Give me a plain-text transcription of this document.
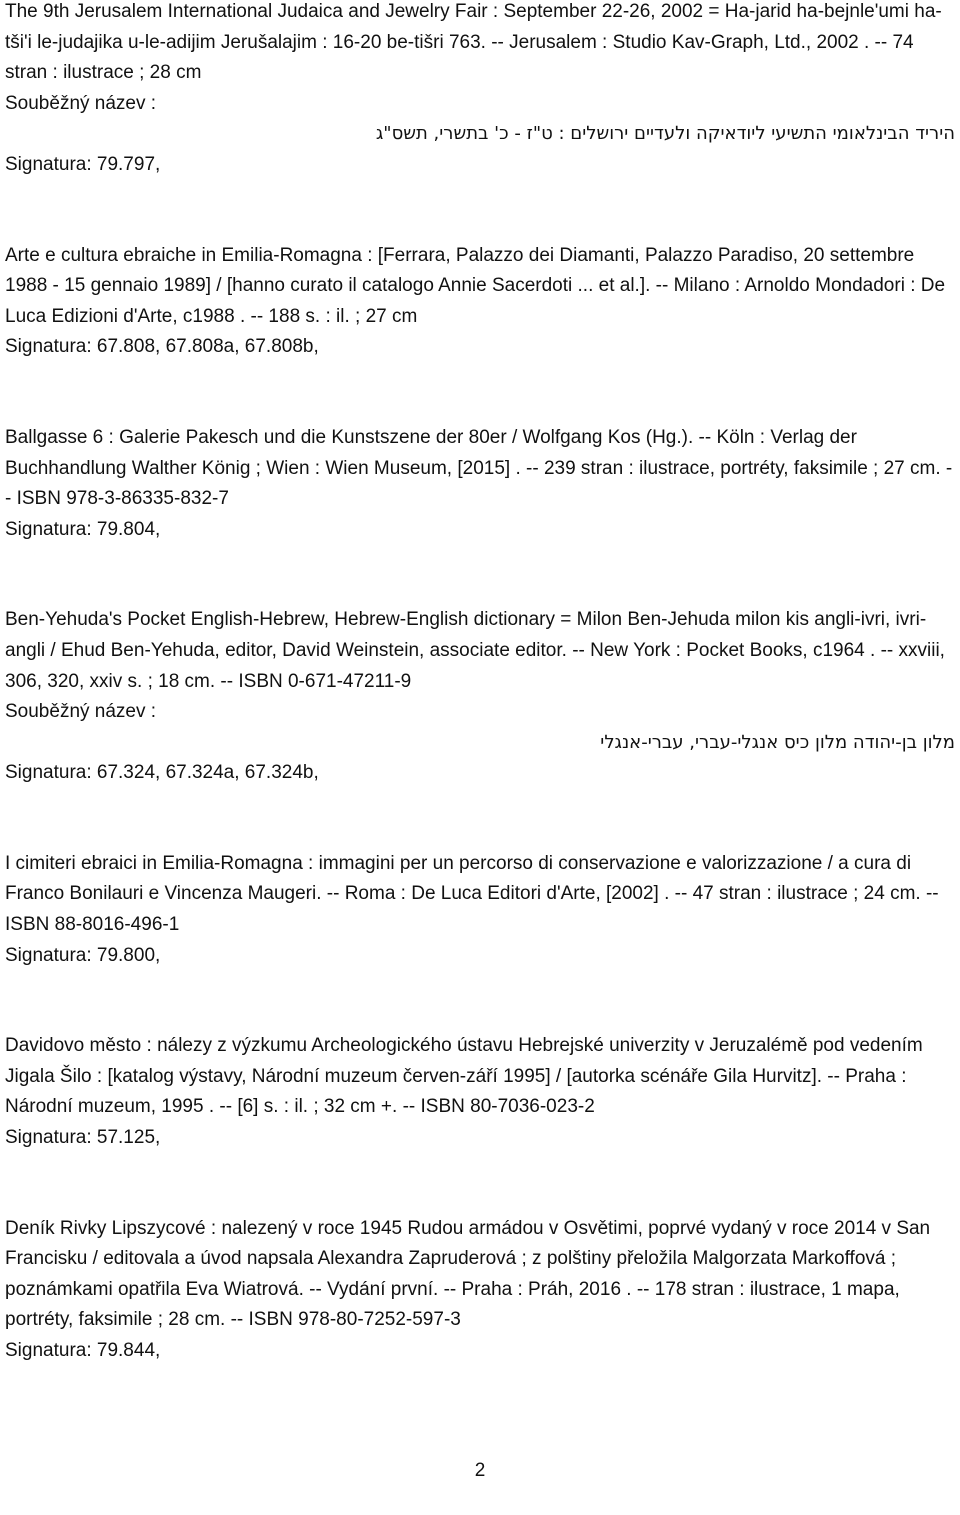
The 9th Jerusalem International Judaica and Jewelry Fair : September 22-26, 2002 = Ha-jarid ha-bejnle'umi ha-tši'i le-judajika u-le-adijim Jerušalajim : 16-20 be-tišri 763. -- Jerusalem : Studio Kav-Graph, Ltd., 2002 . -- 74 stran : ilustrace ; 28 cm
Souběžný název :
היריד הבינלאומי התשיעי ליודאיקה ולעדיים ירושלים : ט"ז - כ' בתשרי, תשס"ג
Signatura: 79.797,
Arte e cultura ebraiche in Emilia-Romagna : [Ferrara, Palazzo dei Diamanti, Palazzo Paradiso, 20 settembre 1988 - 15 gennaio 1989] / [hanno curato il catalogo Annie Sacerdoti ... et al.]. -- Milano : Arnoldo Mondadori : De Luca Edizioni d'Arte, c1988 . -- 188 s. : il. ; 27 cm
Signatura: 67.808, 67.808a, 67.808b,
Ballgasse 6 : Galerie Pakesch und die Kunstszene der 80er / Wolfgang Kos (Hg.). -- Köln : Verlag der Buchhandlung Walther König ; Wien : Wien Museum, [2015] . -- 239 stran : ilustrace, portréty, faksimile ; 27 cm. -- ISBN 978-3-86335-832-7
Signatura: 79.804,
Ben-Yehuda's Pocket English-Hebrew, Hebrew-English dictionary = Milon Ben-Jehuda milon kis angli-ivri, ivri-angli / Ehud Ben-Yehuda, editor, David Weinstein, associate editor. -- New York : Pocket Books, c1964 . -- xxviii, 306, 320, xxiv s. ; 18 cm. -- ISBN 0-671-47211-9
Souběžný název :
מלון בן-יהודה מלון כיס אנגלי-עברי, עברי-אנגלי
Signatura: 67.324, 67.324a, 67.324b,
I cimiteri ebraici in Emilia-Romagna : immagini per un percorso di conservazione e valorizzazione / a cura di Franco Bonilauri e Vincenza Maugeri. -- Roma : De Luca Editori d'Arte, [2002] . -- 47 stran : ilustrace ; 24 cm. -- ISBN 88-8016-496-1
Signatura: 79.800,
Davidovo město : nálezy z výzkumu Archeologického ústavu Hebrejské univerzity v Jeruzalémě pod vedením Jigala Šilo : [katalog výstavy, Národní muzeum červen-září 1995] / [autorka scénáře Gila Hurvitz]. -- Praha : Národní muzeum, 1995 . -- [6] s. : il. ; 32 cm +. -- ISBN 80-7036-023-2
Signatura: 57.125,
Deník Rivky Lipszycové : nalezený v roce 1945 Rudou armádou v Osvětimi, poprvé vydaný v roce 2014 v San Francisku / editovala a úvod napsala Alexandra Zapruderová ; z polštiny přeložila Malgorzata Markoffová ; poznámkami opatřila Eva Wiatrová. -- Vydání první. -- Praha : Práh, 2016 . -- 178 stran : ilustrace, 1 mapa, portréty, faksimile ; 28 cm. -- ISBN 978-80-7252-597-3
Signatura: 79.844,
2
